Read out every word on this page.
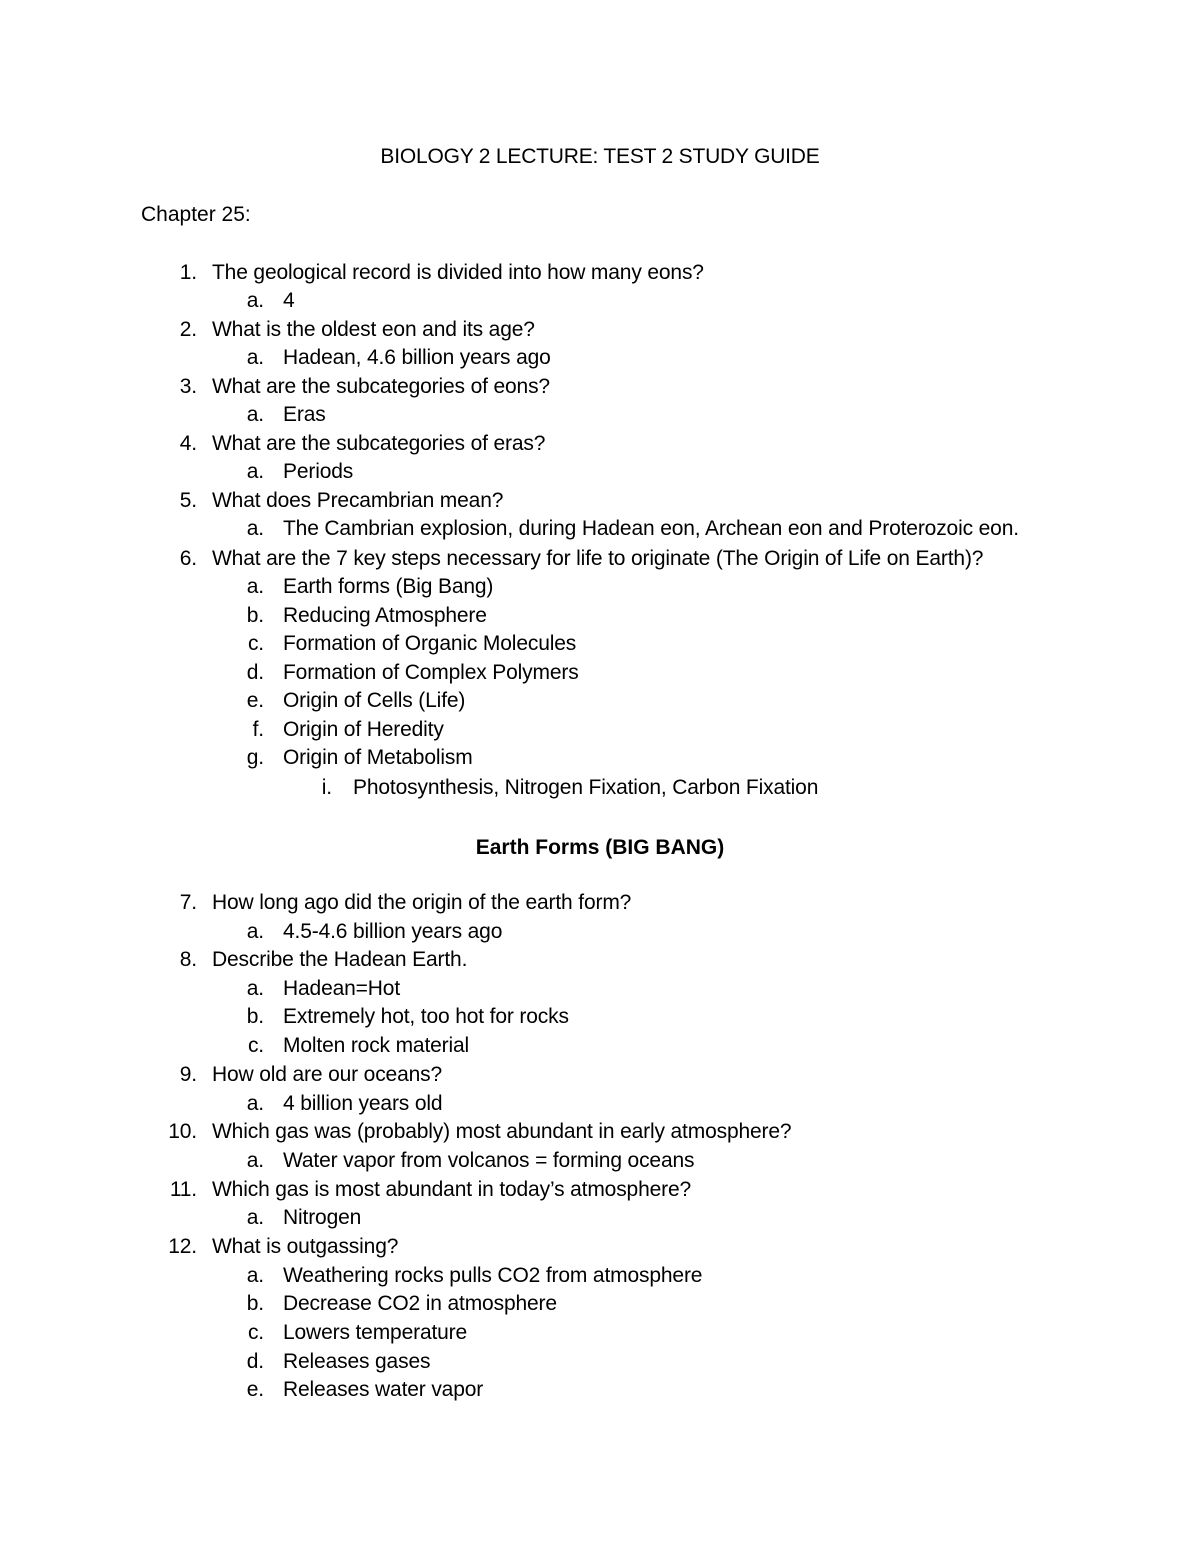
BIOLOGY 2 LECTURE: TEST 2 STUDY GUIDE
Chapter 25:
Earth Forms (BIG BANG)
1. The geological record is divided into how many eons?
a. 4
2. What is the oldest eon and its age?
a. Hadean, 4.6 billion years ago
3. What are the subcategories of eons?
a. Eras
4. What are the subcategories of eras?
a. Periods
5. What does Precambrian mean?
a. The Cambrian explosion, during Hadean eon, Archean eon and Proterozoic eon.
6. What are the 7 key steps necessary for life to originate (The Origin of Life on Earth)?
a. Earth forms (Big Bang)
b. Reducing Atmosphere
c. Formation of Organic Molecules
d. Formation of Complex Polymers
e. Origin of Cells (Life)
f. Origin of Heredity
g. Origin of Metabolism
i. Photosynthesis, Nitrogen Fixation, Carbon Fixation
7. How long ago did the origin of the earth form?
a. 4.5-4.6 billion years ago
8. Describe the Hadean Earth.
a. Hadean=Hot
b. Extremely hot, too hot for rocks
c. Molten rock material
9. How old are our oceans?
a. 4 billion years old
10. Which gas was (probably) most abundant in early atmosphere?
a. Water vapor from volcanos = forming oceans
11. Which gas is most abundant in today’s atmosphere?
a. Nitrogen
12. What is outgassing?
a. Weathering rocks pulls CO2 from atmosphere
b. Decrease CO2 in atmosphere
c. Lowers temperature
d. Releases gases
e. Releases water vapor
